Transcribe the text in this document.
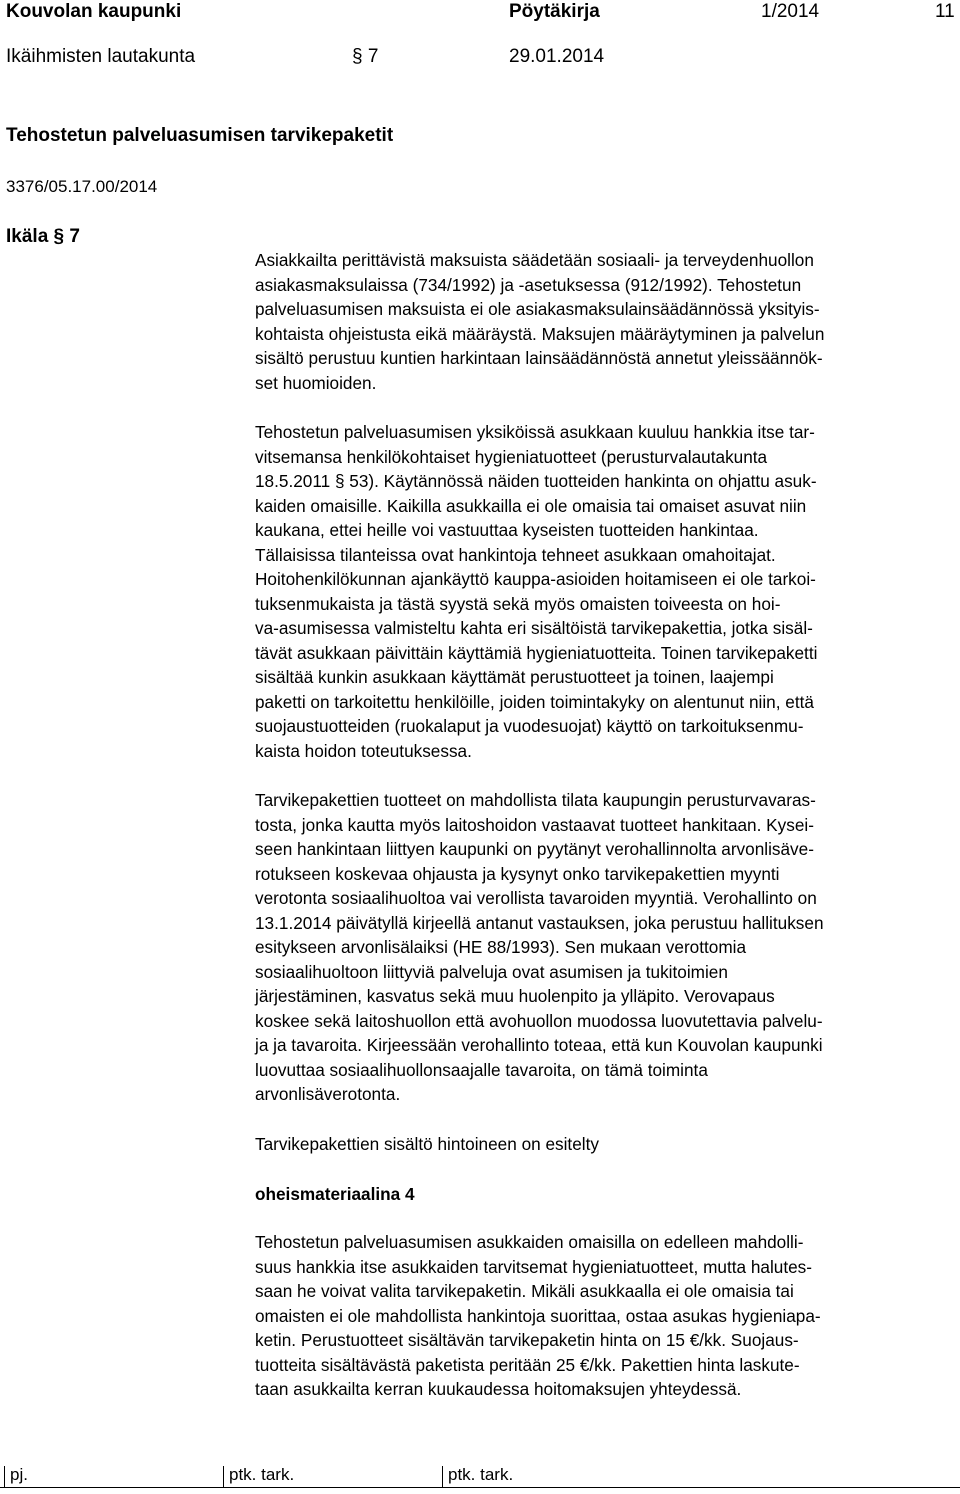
Kouvolan kaupunki	Pöytäkirja	1/2014	11
Ikäihmisten lautakunta	§ 7	29.01.2014
Tehostetun palveluasumisen tarvikepaketit
3376/05.17.00/2014
Ikäla § 7
Asiakkailta perittävistä maksuista säädetään sosiaali- ja terveydenhuollon
asiakasmaksulaissa (734/1992) ja -asetuksessa (912/1992). Tehostetun
palveluasumisen maksuista ei ole asiakasmaksulainsäädännössä yksityis-
kohtaista ohjeistusta eikä määräystä. Maksujen määräytyminen ja palvelun
sisältö perustuu kuntien harkintaan lainsäädännöstä annetut yleissäännök-
set huomioiden.
Tehostetun palveluasumisen yksiköissä asukkaan kuuluu hankkia itse tar-
vitsemansa henkilökohtaiset hygieniatuotteet (perusturvalautakunta
18.5.2011 § 53). Käytännössä näiden tuotteiden hankinta on ohjattu asuk-
kaiden omaisille. Kaikilla asukkailla ei ole omaisia tai omaiset asuvat niin
kaukana, ettei heille voi vastuuttaa kyseisten tuotteiden hankintaa.
Tällaisissa tilanteissa ovat hankintoja tehneet asukkaan omahoitajat.
Hoitohenkilökunnan ajankäyttö kauppa-asioiden hoitamiseen ei ole tarkoi-
tuksenmukaista ja tästä syystä sekä myös omaisten toiveesta on hoi-
va-asumisessa valmisteltu kahta eri sisältöistä tarvikepakettia, jotka sisäl-
tävät asukkaan päivittäin käyttämiä hygieniatuotteita. Toinen tarvikepaketti
sisältää kunkin asukkaan käyttämät perustuotteet ja toinen, laajempi
paketti on tarkoitettu henkilöille, joiden toimintakyky on alentunut niin, että
suojaustuotteiden (ruokalaput ja vuodesuojat) käyttö on tarkoituksenmu-
kaista hoidon toteutuksessa.
Tarvikepakettien tuotteet on mahdollista tilata kaupungin perusturvavaras-
tosta, jonka kautta myös laitoshoidon vastaavat tuotteet hankitaan. Kysei-
seen hankintaan liittyen kaupunki on pyytänyt verohallinnolta arvonlisäve-
rotukseen koskevaa ohjausta ja kysynyt onko tarvikepakettien myynti
verotonta sosiaalihuoltoa vai verollista tavaroiden myyntiä. Verohallinto on
13.1.2014 päivätyllä kirjeellä antanut vastauksen, joka perustuu hallituksen
esitykseen arvonlisälaiksi (HE 88/1993). Sen mukaan verottomia
sosiaalihuoltoon liittyviä palveluja ovat asumisen ja tukitoimien
järjestäminen, kasvatus sekä muu huolenpito ja ylläpito. Verovapaus
koskee sekä laitoshuollon että avohuollon muodossa luovutettavia palvelu-
ja ja tavaroita. Kirjeessään verohallinto toteaa, että kun Kouvolan kaupunki
luovuttaa sosiaalihuollonsaajalle tavaroita, on tämä toiminta
arvonlisäverotonta.
Tarvikepakettien sisältö hintoineen on esitelty
oheismateriaalina 4
Tehostetun palveluasumisen asukkaiden omaisilla on edelleen mahdolli-
suus hankkia itse asukkaiden tarvitsemat hygieniatuotteet, mutta halutes-
saan he voivat valita tarvikepaketin. Mikäli asukkaalla ei ole omaisia tai
omaisten ei ole mahdollista hankintoja suorittaa, ostaa asukas hygieniapa-
ketin. Perustuotteet sisältävän tarvikepaketin hinta on 15 €/kk. Suojaus-
tuotteita sisältävästä paketista peritään 25 €/kk. Pakettien hinta laskute-
taan asukkailta kerran kuukaudessa hoitomaksujen yhteydessä.
pj.	ptk. tark.	ptk. tark.
